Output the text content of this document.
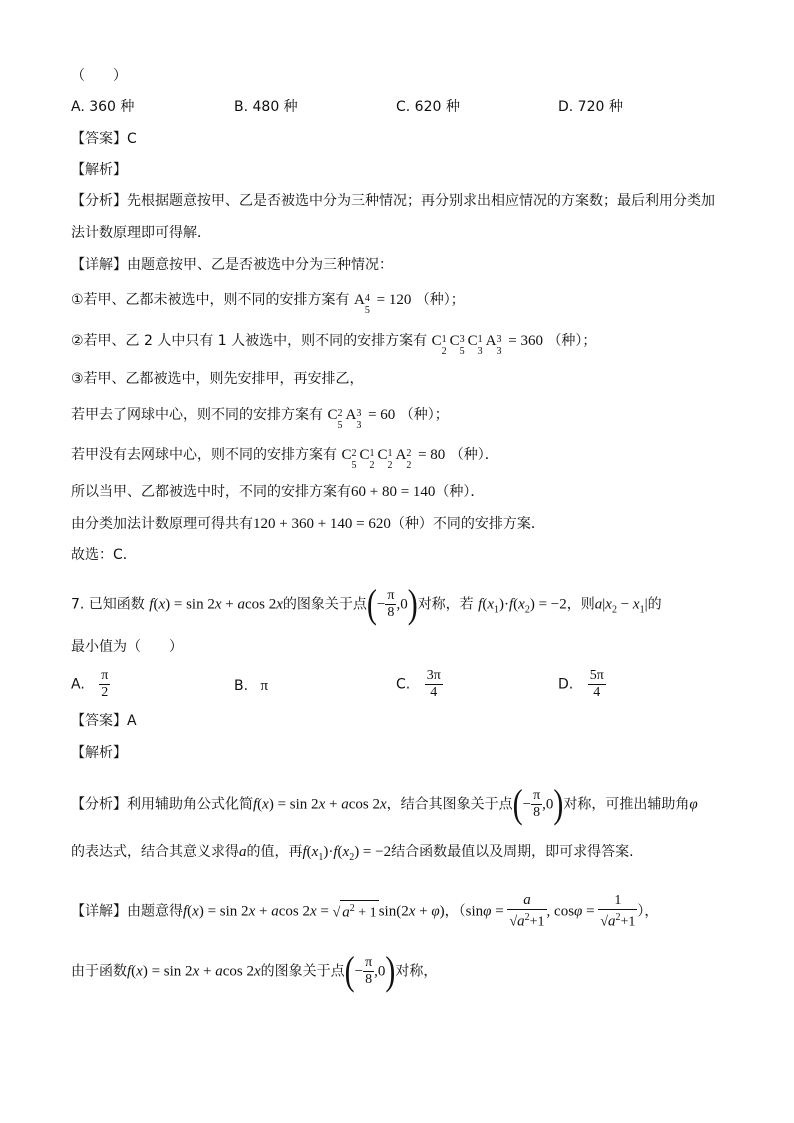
（　　）
A. 360 种	B. 480 种	C. 620 种	D. 720 种
【答案】C
【解析】
【分析】先根据题意按甲、乙是否被选中分为三种情况；再分别求出相应情况的方案数；最后利用分类加
法计数原理即可得解．
【详解】由题意按甲、乙是否被选中分为三种情况：
①若甲、乙都未被选中，则不同的安排方案有 A 4
5
= 120 （种）；
②若甲、乙 2 人中只有 1 人被选中，则不同的安排方案有 C 1
2
C 3
5
C 1
3
A 3
3
= 360 （种）；
③若甲、乙都被选中，则先安排甲，再安排乙，
若甲去了网球中心，则不同的安排方案有 C 2
5
A 3
3
= 60 （种）；
若甲没有去网球中心，则不同的安排方案有 C 2
5
C 1
2
C 1
2
A 2
2
= 80 （种）．
所以当甲、乙都被选中时，不同的安排方案有60 + 80 = 140（种）．
由分类加法计数原理可得共有120 + 360 + 140 = 620（种）不同的安排方案．
故选：C．
7. 已知函数 f(x) = sin 2x + acos 2x的图象关于点(− $\frac{\pi}{8} ,0$)对称，若 $f(x_1)\cdot f(x_2) = -2$，则$a|x_2 - x_1|$的
最小值为（　　）
A. $\frac{\pi}{2}$	B. π	C. $\frac{3\pi}{4}$	D. $\frac{5\pi}{4}$
【答案】A
【解析】
【分析】利用辅助角公式化简f(x) = sin 2x + acos 2x，结合其图象关于点(− $\frac{\pi}{8} ,0$)对称，可推出辅助角φ
的表达式，结合其意义求得a的值，再$f(x_1)\cdot f(x_2) = -2$结合函数最值以及周期，即可求得答案.
【详解】由题意得f(x) = sin 2x + acos 2x = √ $a^2 + 1$ sin(2x + φ)，（$\sin\varphi = \frac{a}{√a^2+1}$ , $\cos\varphi = \frac{1}{√a^2+1}$ ），
由于函数f(x) = sin 2x + acos 2x的图象关于点(− $\frac{\pi}{8} ,0$)对称，
